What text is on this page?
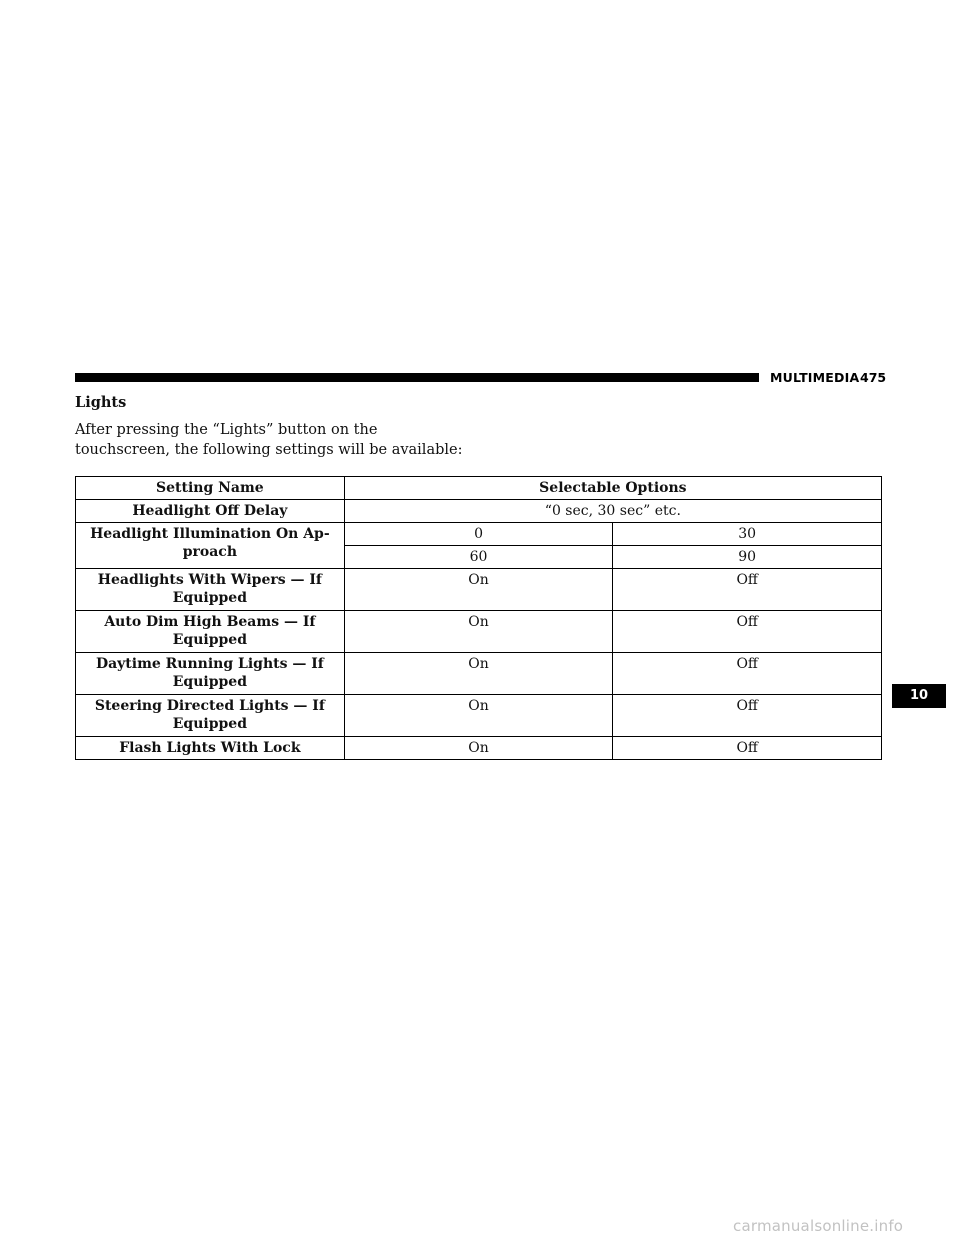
MULTIMEDIA 475
Lights
After pressing the “Lights” button on the touchscreen, the following settings will be available:
Setting Name	Selectable Options	
Headlight Off Delay	“0 sec, 30 sec” etc.	
Headlight Illumination On Ap- proach	0	30
	60	90
Headlights With Wipers — If Equipped	On	Off
Auto Dim High Beams — If Equipped	On	Off
Daytime Running Lights — If Equipped	On	Off
Steering Directed Lights — If Equipped	On	Off
Flash Lights With Lock	On	Off
10
carmanualsonline.info
